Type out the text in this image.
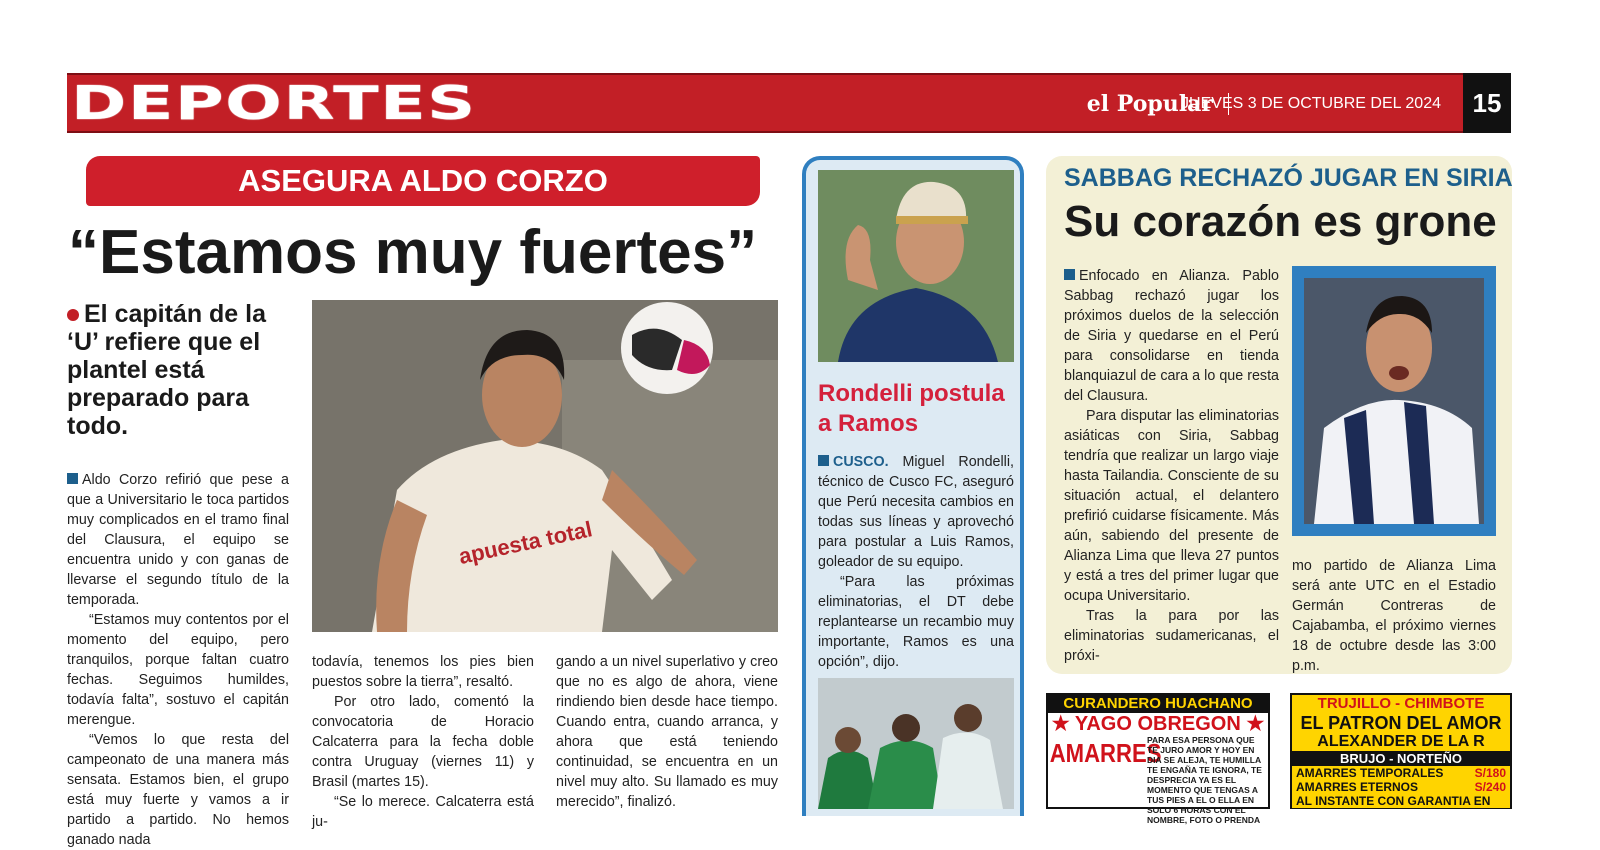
DEPORTES	el Popular
JUEVES 3 DE OCTUBRE DEL 2024	15
ASEGURA ALDO CORZO
“Estamos muy fuertes”
El capitán de la ‘U’ refiere que el plantel está preparado para todo.
apuesta total

Aldo Corzo refirió que pese a que a Universitario le toca partidos muy complicados en el tramo final del Clausura, el equipo se encuentra unido y con ganas de llevarse el segundo título de la temporada.

“Estamos muy contentos por el momento del equipo, pero tranquilos, porque faltan cuatro fechas. Seguimos humildes, todavía falta”, sostuvo el capitán merengue.

“Vemos lo que resta del campeonato de una manera más sensata. Estamos bien, el grupo está muy fuerte y vamos a ir partido a partido. No hemos ganado nada

todavía, tenemos los pies bien puestos sobre la tierra”, resaltó.

Por otro lado, comentó la convocatoria de Horacio Calcaterra para la fecha doble contra Uruguay (viernes 11) y Brasil (martes 15).

“Se lo merece. Calcaterra está ju-

gando a un nivel superlativo y creo que no es algo de ahora, viene rindiendo bien desde hace tiempo. Cuando entra, cuando arranca, y ahora que está teniendo continuidad, se encuentra en un nivel muy alto. Su llamado es muy merecido”, finalizó.

Rondelli postula a Ramos

CUSCO. Miguel Rondelli, técnico de Cusco FC, aseguró que Perú necesita cambios en todas sus líneas y aprovechó para postular a Luis Ramos, goleador de su equipo.

“Para las próximas eliminatorias, el DT debe replantearse un recambio muy importante, Ramos es una opción”, dijo.

SABBAG RECHAZÓ JUGAR EN SIRIA
Su corazón es grone

Enfocado en Alianza. Pablo Sabbag rechazó jugar los próximos duelos de la selección de Siria y quedarse en el Perú para consolidarse en tienda blanquiazul de cara a lo que resta del Clausura.

Para disputar las eliminatorias asiáticas con Siria, Sabbag tendría que realizar un largo viaje hasta Tailandia. Consciente de su situación actual, el delantero prefirió cuidarse físicamente. Más aún, sabiendo del presente de Alianza Lima que lleva 27 puntos y está a tres del primer lugar que ocupa Universitario.

Tras la para por las eliminatorias sudamericanas, el próxi-

mo partido de Alianza Lima será ante UTC en el Estadio Germán Contreras de Cajabamba, el próximo viernes 18 de octubre desde las 3:00 p.m.

CURANDERO HUACHANO
★ YAGO OBREGON ★
AMARRES
PARA ESA PERSONA QUE TE JURO AMOR Y HOY EN DIA SE ALEJA, TE HUMILLA TE ENGAÑA TE IGNORA, TE DESPRECIA YA ES EL MOMENTO QUE TENGAS A TUS PIES A EL O ELLA EN SOLO 6 HORAS CON EL NOMBRE, FOTO O PRENDA
TRUJILLO - CHIMBOTE
EL PATRON DEL AMOR
ALEXANDER DE LA R
BRUJO - NORTEÑO
AMARRES TEMPORALES	S/180
AMARRES ETERNOS	S/240
AL INSTANTE CON GARANTIA EN
